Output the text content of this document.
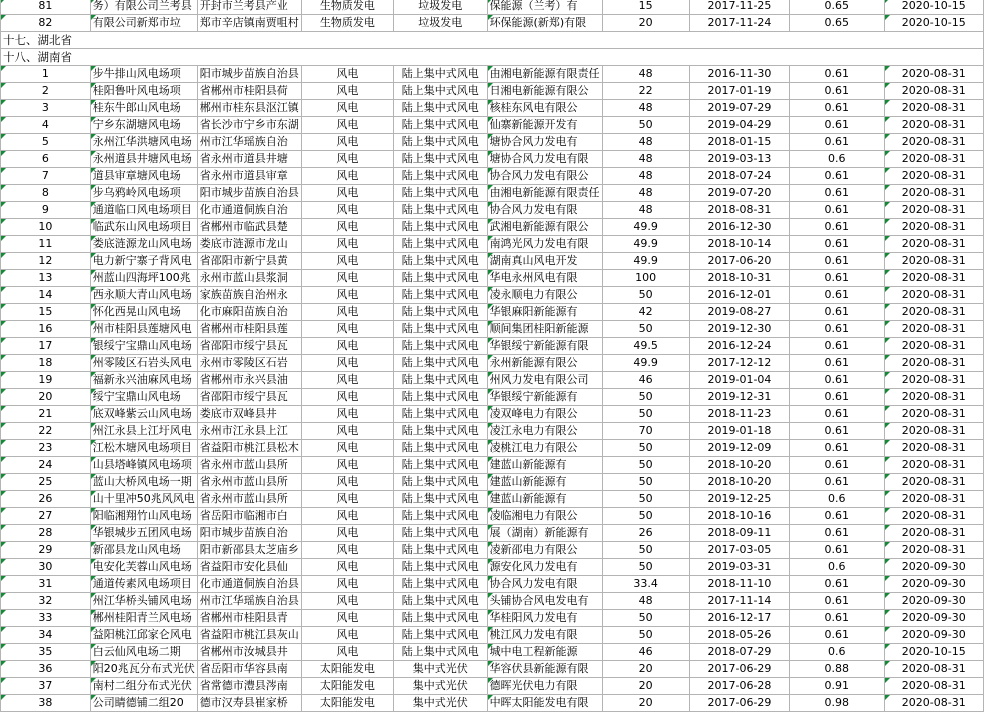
81	务）有限公司兰考县	开封市兰考县产业	生物质发电	垃圾发电	保能源（兰考）有	15	2017-11-25	0.65	2020-10-15

82	有限公司新郑市垃	郑市辛店镇南贾咀村	生物质发电	垃圾发电	环保能源(新郑)有限	20	2017-11-24	0.65	2020-10-15

十七、湖北省									
十八、湖南省									

1	步牛排山风电场项	阳市城步苗族自治县	风电	陆上集中式风电	由湘电新能源有限责任	48	2016-11-30	0.61	2020-08-31

2	桂阳鲁叶风电场项	省郴州市桂阳县荷	风电	陆上集中式风电	日湘电新能源有限公	22	2017-01-19	0.61	2020-08-31

3	桂东牛郎山风电场	郴州市桂东县沤江镇	风电	陆上集中式风电	核桂东风电有限公	48	2019-07-29	0.61	2020-08-31

4	宁乡东湖塘风电场	省长沙市宁乡市东湖	风电	陆上集中式风电	仙寨新能源开发有	50	2019-04-29	0.61	2020-08-31

5	永州江华洪塘风电场	州市江华瑶族自治	风电	陆上集中式风电	塘协合风力发电有	48	2018-01-15	0.61	2020-08-31

6	永州道县井塘风电场	省永州市道县井塘	风电	陆上集中式风电	塘协合风力发电有限	48	2019-03-13	0.6	2020-08-31

7	道县审章塘风电场	省永州市道县审章	风电	陆上集中式风电	协合风力发电有限公	48	2018-07-24	0.61	2020-08-31

8	步乌鸦岭风电场项	阳市城步苗族自治县	风电	陆上集中式风电	由湘电新能源有限责任	48	2019-07-20	0.61	2020-08-31

9	通道临口风电场项目	化市通道侗族自治	风电	陆上集中式风电	协合风力发电有限	48	2018-08-31	0.61	2020-08-31

10	临武东山风电场项目	省郴州市临武县楚	风电	陆上集中式风电	武湘电新能源有限公	49.9	2016-12-30	0.61	2020-08-31

11	娄底涟源龙山风电场	娄底市涟源市龙山	风电	陆上集中式风电	南鸿光风力发电有限	49.9	2018-10-14	0.61	2020-08-31

12	电力新宁寨子背风电	省邵阳市新宁县黄	风电	陆上集中式风电	湖南真山风电开发	49.9	2017-06-20	0.61	2020-08-31

13	州蓝山四海坪100兆	永州市蓝山县浆洞	风电	陆上集中式风电	华电永州风电有限	100	2018-10-31	0.61	2020-08-31

14	西永顺大青山风电场	家族苗族自治州永	风电	陆上集中式风电	凌永顺电力有限公	50	2016-12-01	0.61	2020-08-31

15	怀化西晃山风电场	化市麻阳苗族自治	风电	陆上集中式风电	华银麻阳新能源有	42	2019-08-27	0.61	2020-08-31

16	州市桂阳县莲塘风电	省郴州市桂阳县莲	风电	陆上集中式风电	顺间集团桂阳新能源	50	2019-12-30	0.61	2020-08-31

17	银绥宁宝鼎山风电场	省邵阳市绥宁县瓦	风电	陆上集中式风电	华银绥宁新能源有限	49.5	2016-12-24	0.61	2020-08-31

18	州零陵区石岩头风电	永州市零陵区石岩	风电	陆上集中式风电	永州新能源有限公	49.9	2017-12-12	0.61	2020-08-31

19	福新永兴油麻风电场	省郴州市永兴县油	风电	陆上集中式风电	州风力发电有限公司	46	2019-01-04	0.61	2020-08-31

20	绥宁宝鼎山风电场	省邵阳市绥宁县瓦	风电	陆上集中式风电	华银绥宁新能源有	50	2019-12-31	0.61	2020-08-31

21	底双峰紫云山风电场	娄底市双峰县井	风电	陆上集中式风电	凌双峰电力有限公	50	2018-11-23	0.61	2020-08-31

22	州江永县上江圩风电	永州市江永县上江	风电	陆上集中式风电	凌江永电力有限公	70	2019-01-18	0.61	2020-08-31

23	江松木塘风电场项目	省益阳市桃江县松木	风电	陆上集中式风电	凌桃江电力有限公	50	2019-12-09	0.61	2020-08-31

24	山县塔峰镇风电场项	省永州市蓝山县所	风电	陆上集中式风电	建蓝山新能源有	50	2018-10-20	0.61	2020-08-31

25	蓝山大桥风电场一期	省永州市蓝山县所	风电	陆上集中式风电	建蓝山新能源有	50	2018-10-20	0.61	2020-08-31

26	山十里冲50兆风风电	省永州市蓝山县所	风电	陆上集中式风电	建蓝山新能源有	50	2019-12-25	0.6	2020-08-31

27	阳临湘翔竹山风电场	省岳阳市临湘市白	风电	陆上集中式风电	凌临湘电力有限公	50	2018-10-16	0.61	2020-08-31

28	华银城步五团风电场	阳市城步苗族自治	风电	陆上集中式风电	展（湖南）新能源有	26	2018-09-11	0.61	2020-08-31

29	新邵县龙山风电场	阳市新邵县太芝庙乡	风电	陆上集中式风电	凌新邵电力有限公	50	2017-03-05	0.61	2020-08-31

30	电安化芙蓉山风电场	省益阳市安化县仙	风电	陆上集中式风电	源安化风力发电有	50	2019-03-31	0.6	2020-09-30

31	通道传素风电场项目	化市通道侗族自治县	风电	陆上集中式风电	协合风力发电有限	33.4	2018-11-10	0.61	2020-09-30

32	州江华桥头铺风电场	州市江华瑶族自治县	风电	陆上集中式风电	头铺协合风电发电有	48	2017-11-14	0.61	2020-09-30

33	郴州桂阳青兰风电场	省郴州市桂阳县青	风电	陆上集中式风电	华桂阳风力发电有	50	2016-12-17	0.61	2020-09-30

34	益阳桃江邱家仑风电	省益阳市桃江县灰山	风电	陆上集中式风电	桃江风力发电有限	50	2018-05-26	0.61	2020-09-30

35	白云仙风电场二期	省郴州市汝城县井	风电	陆上集中式风电	城中电工程新能源	46	2018-07-29	0.6	2020-10-15

36	阳20兆瓦分布式光伏	省岳阳市华容县南	太阳能发电	集中式光伏	华容伏县新能源有限	20	2017-06-29	0.88	2020-08-31

37	南村二组分布式光伏	省常德市澧县涔南	太阳能发电	集中式光伏	德晖光伏电力有限	20	2017-06-28	0.91	2020-08-31

38	公司睛德铺二组20	德市汉寿县崔家桥	太阳能发电	集中式光伏	中晖太阳能发电有限	20	2017-06-29	0.98	2020-08-31
